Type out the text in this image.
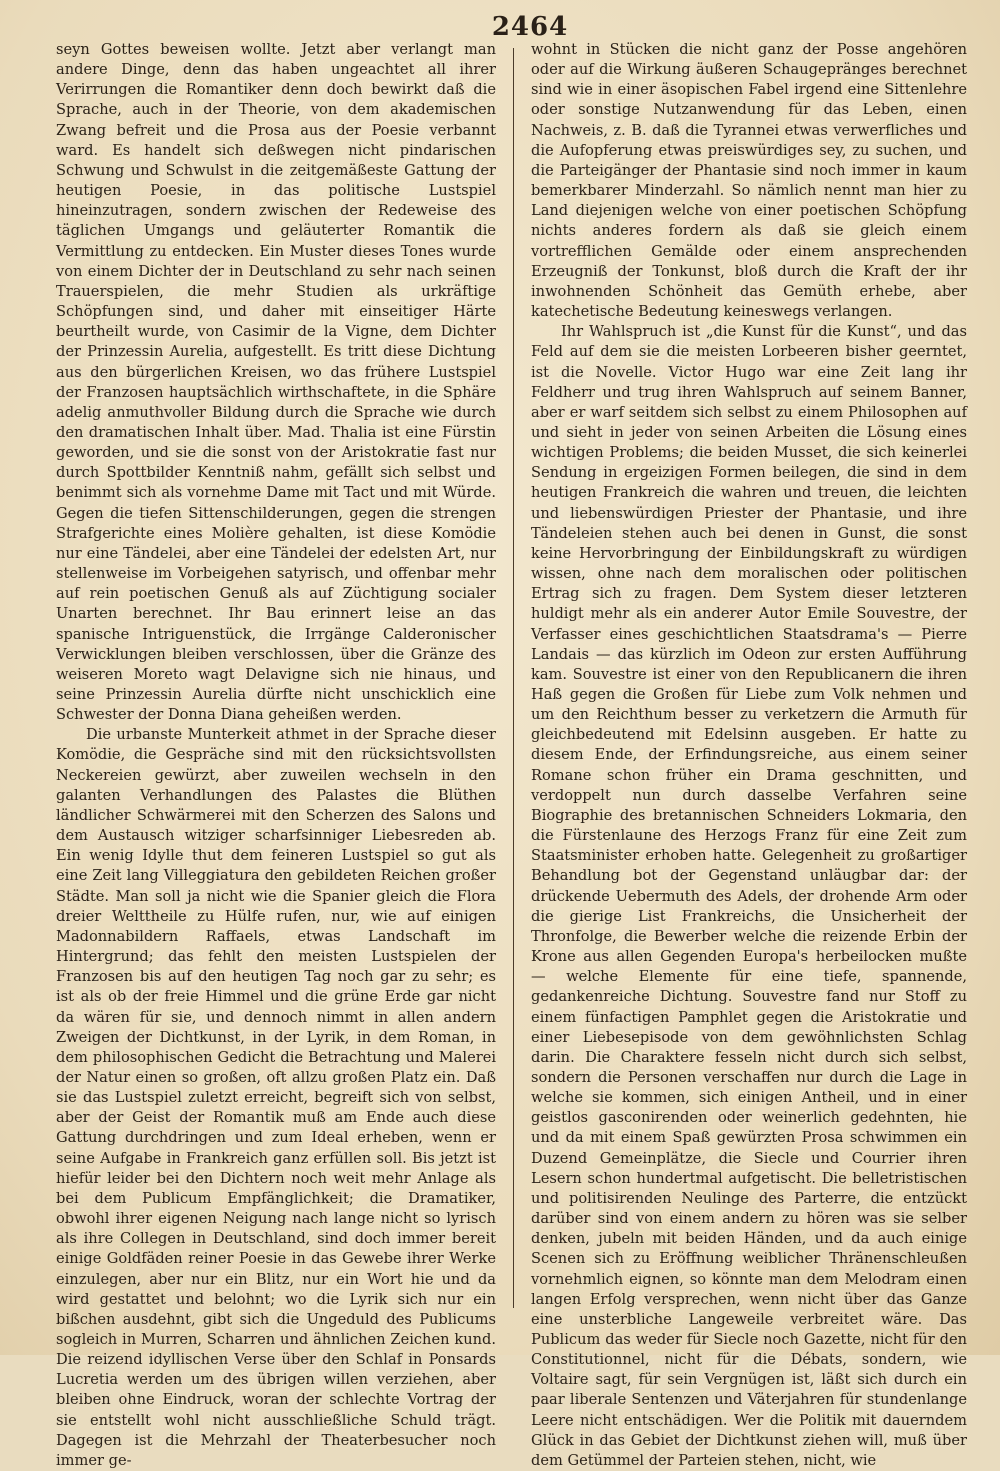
2464

seyn Gottes beweisen wollte. Jetzt aber verlangt man andere Dinge, denn das haben ungeachtet all ihrer Verirrungen die Romantiker denn doch bewirkt daß die Sprache, auch in der Theorie, von dem akademischen Zwang befreit und die Prosa aus der Poesie verbannt ward. Es handelt sich deßwegen nicht pindarischen Schwung und Schwulst in die zeitgemäßeste Gattung der heutigen Poesie, in das politische Lustspiel hineinzutragen, sondern zwischen der Redeweise des täglichen Umgangs und geläuterter Romantik die Vermittlung zu entdecken. Ein Muster dieses Tones wurde von einem Dichter der in Deutschland zu sehr nach seinen Trauerspielen, die mehr Studien als urkräftige Schöpfungen sind, und daher mit einseitiger Härte beurtheilt wurde, von Casimir de la Vigne, dem Dichter der Prinzessin Aurelia, aufgestellt. Es tritt diese Dichtung aus den bürgerlichen Kreisen, wo das frühere Lustspiel der Franzosen hauptsächlich wirthschaftete, in die Sphäre adelig anmuthvoller Bildung durch die Sprache wie durch den dramatischen Inhalt über. Mad. Thalia ist eine Fürstin geworden, und sie die sonst von der Aristokratie fast nur durch Spottbilder Kenntniß nahm, gefällt sich selbst und benimmt sich als vornehme Dame mit Tact und mit Würde. Gegen die tiefen Sittenschilderungen, gegen die strengen Strafgerichte eines Molière gehalten, ist diese Komödie nur eine Tändelei, aber eine Tändelei der edelsten Art, nur stellenweise im Vorbeigehen satyrisch, und offenbar mehr auf rein poetischen Genuß als auf Züchtigung socialer Unarten berechnet. Ihr Bau erinnert leise an das spanische Intriguenstück, die Irrgänge Calderonischer Verwicklungen bleiben verschlossen, über die Gränze des weiseren Moreto wagt Delavigne sich nie hinaus, und seine Prinzessin Aurelia dürfte nicht unschicklich eine Schwester der Donna Diana geheißen werden.

Die urbanste Munterkeit athmet in der Sprache dieser Komödie, die Gespräche sind mit den rücksichtsvollsten Neckereien gewürzt, aber zuweilen wechseln in den galanten Verhandlungen des Palastes die Blüthen ländlicher Schwärmerei mit den Scherzen des Salons und dem Austausch witziger scharfsinniger Liebesreden ab. Ein wenig Idylle thut dem feineren Lustspiel so gut als eine Zeit lang Villeggiatura den gebildeten Reichen großer Städte. Man soll ja nicht wie die Spanier gleich die Flora dreier Welttheile zu Hülfe rufen, nur, wie auf einigen Madonnabildern Raffaels, etwas Landschaft im Hintergrund; das fehlt den meisten Lustspielen der Franzosen bis auf den heutigen Tag noch gar zu sehr; es ist als ob der freie Himmel und die grüne Erde gar nicht da wären für sie, und dennoch nimmt in allen andern Zweigen der Dichtkunst, in der Lyrik, in dem Roman, in dem philosophischen Gedicht die Betrachtung und Malerei der Natur einen so großen, oft allzu großen Platz ein. Daß sie das Lustspiel zuletzt erreicht, begreift sich von selbst, aber der Geist der Romantik muß am Ende auch diese Gattung durchdringen und zum Ideal erheben, wenn er seine Aufgabe in Frankreich ganz erfüllen soll. Bis jetzt ist hiefür leider bei den Dichtern noch weit mehr Anlage als bei dem Publicum Empfänglichkeit; die Dramatiker, obwohl ihrer eigenen Neigung nach lange nicht so lyrisch als ihre Collegen in Deutschland, sind doch immer bereit einige Goldfäden reiner Poesie in das Gewebe ihrer Werke einzulegen, aber nur ein Blitz, nur ein Wort hie und da wird gestattet und belohnt; wo die Lyrik sich nur ein bißchen ausdehnt, gibt sich die Ungeduld des Publicums sogleich in Murren, Scharren und ähnlichen Zeichen kund. Die reizend idyllischen Verse über den Schlaf in Ponsards Lucretia werden um des übrigen willen verziehen, aber bleiben ohne Eindruck, woran der schlechte Vortrag der sie entstellt wohl nicht ausschließliche Schuld trägt. Dagegen ist die Mehrzahl der Theaterbesucher noch immer ge-

wohnt in Stücken die nicht ganz der Posse angehören oder auf die Wirkung äußeren Schaugepränges berechnet sind wie in einer äsopischen Fabel irgend eine Sittenlehre oder sonstige Nutzanwendung für das Leben, einen Nachweis, z. B. daß die Tyrannei etwas verwerfliches und die Aufopferung etwas preiswürdiges sey, zu suchen, und die Parteigänger der Phantasie sind noch immer in kaum bemerkbarer Minderzahl. So nämlich nennt man hier zu Land diejenigen welche von einer poetischen Schöpfung nichts anderes fordern als daß sie gleich einem vortrefflichen Gemälde oder einem ansprechenden Erzeugniß der Tonkunst, bloß durch die Kraft der ihr inwohnenden Schönheit das Gemüth erhebe, aber katechetische Bedeutung keineswegs verlangen.

Ihr Wahlspruch ist „die Kunst für die Kunst“, und das Feld auf dem sie die meisten Lorbeeren bisher geerntet, ist die Novelle. Victor Hugo war eine Zeit lang ihr Feldherr und trug ihren Wahlspruch auf seinem Banner, aber er warf seitdem sich selbst zu einem Philosophen auf und sieht in jeder von seinen Arbeiten die Lösung eines wichtigen Problems; die beiden Musset, die sich keinerlei Sendung in ergeizigen Formen beilegen, die sind in dem heutigen Frankreich die wahren und treuen, die leichten und liebenswürdigen Priester der Phantasie, und ihre Tändeleien stehen auch bei denen in Gunst, die sonst keine Hervorbringung der Einbildungskraft zu würdigen wissen, ohne nach dem moralischen oder politischen Ertrag sich zu fragen. Dem System dieser letzteren huldigt mehr als ein anderer Autor Emile Souvestre, der Verfasser eines geschichtlichen Staatsdrama's — Pierre Landais — das kürzlich im Odeon zur ersten Aufführung kam. Souvestre ist einer von den Republicanern die ihren Haß gegen die Großen für Liebe zum Volk nehmen und um den Reichthum besser zu verketzern die Armuth für gleichbedeutend mit Edelsinn ausgeben. Er hatte zu diesem Ende, der Erfindungsreiche, aus einem seiner Romane schon früher ein Drama geschnitten, und verdoppelt nun durch dasselbe Verfahren seine Biographie des bretannischen Schneiders Lokmaria, den die Fürstenlaune des Herzogs Franz für eine Zeit zum Staatsminister erhoben hatte. Gelegenheit zu großartiger Behandlung bot der Gegenstand unläugbar dar: der drückende Uebermuth des Adels, der drohende Arm oder die gierige List Frankreichs, die Unsicherheit der Thronfolge, die Bewerber welche die reizende Erbin der Krone aus allen Gegenden Europa's herbeilocken mußte — welche Elemente für eine tiefe, spannende, gedankenreiche Dichtung. Souvestre fand nur Stoff zu einem fünfactigen Pamphlet gegen die Aristokratie und einer Liebesepisode von dem gewöhnlichsten Schlag darin. Die Charaktere fesseln nicht durch sich selbst, sondern die Personen verschaffen nur durch die Lage in welche sie kommen, sich einigen Antheil, und in einer geistlos gasconirenden oder weinerlich gedehnten, hie und da mit einem Spaß gewürzten Prosa schwimmen ein Duzend Gemeinplätze, die Siecle und Courrier ihren Lesern schon hundertmal aufgetischt. Die belletristischen und politisirenden Neulinge des Parterre, die entzückt darüber sind von einem andern zu hören was sie selber denken, jubeln mit beiden Händen, und da auch einige Scenen sich zu Eröffnung weiblicher Thränenschleußen vornehmlich eignen, so könnte man dem Melodram einen langen Erfolg versprechen, wenn nicht über das Ganze eine unsterbliche Langeweile verbreitet wäre. Das Publicum das weder für Siecle noch Gazette, nicht für den Constitutionnel, nicht für die Débats, sondern, wie Voltaire sagt, für sein Vergnügen ist, läßt sich durch ein paar liberale Sentenzen und Väterjahren für stundenlange Leere nicht entschädigen. Wer die Politik mit dauerndem Glück in das Gebiet der Dichtkunst ziehen will, muß über dem Getümmel der Parteien stehen, nicht, wie
